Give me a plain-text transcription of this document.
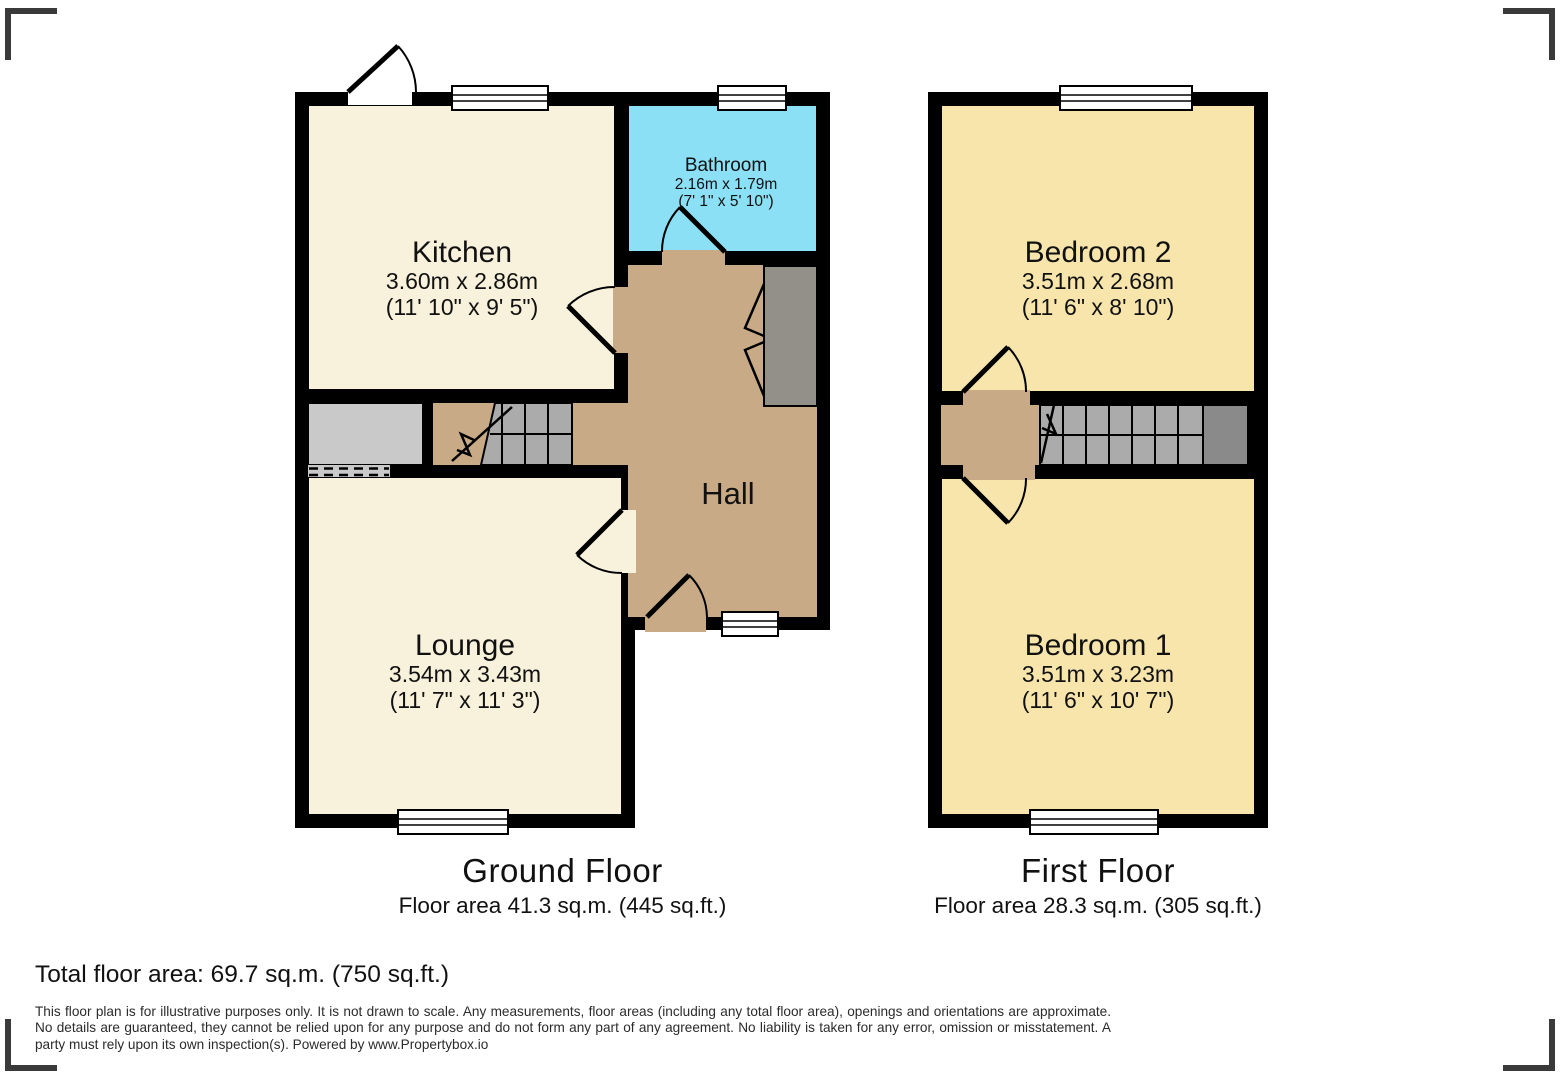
Kitchen
3.60m x 2.86m
(11' 10" x 9' 5")
Bathroom
2.16m x 1.79m
(7' 1" x 5' 10")
Hall
Lounge
3.54m x 3.43m
(11' 7" x 11' 3")
Bedroom 2
3.51m x 2.68m
(11' 6" x 8' 10")
Bedroom 1
3.51m x 3.23m
(11' 6" x 10' 7")
Ground Floor
Floor area 41.3 sq.m. (445 sq.ft.)
First Floor
Floor area 28.3 sq.m. (305 sq.ft.)
Total floor area: 69.7 sq.m. (750 sq.ft.)
This floor plan is for illustrative purposes only. It is not drawn to scale. Any measurements, floor areas (including any total floor area), openings and orientations are approximate. No details are guaranteed, they cannot be relied upon for any purpose and do not form any part of any agreement. No liability is taken for any error, omission or misstatement. A party must rely upon its own inspection(s). Powered by www.Propertybox.io
